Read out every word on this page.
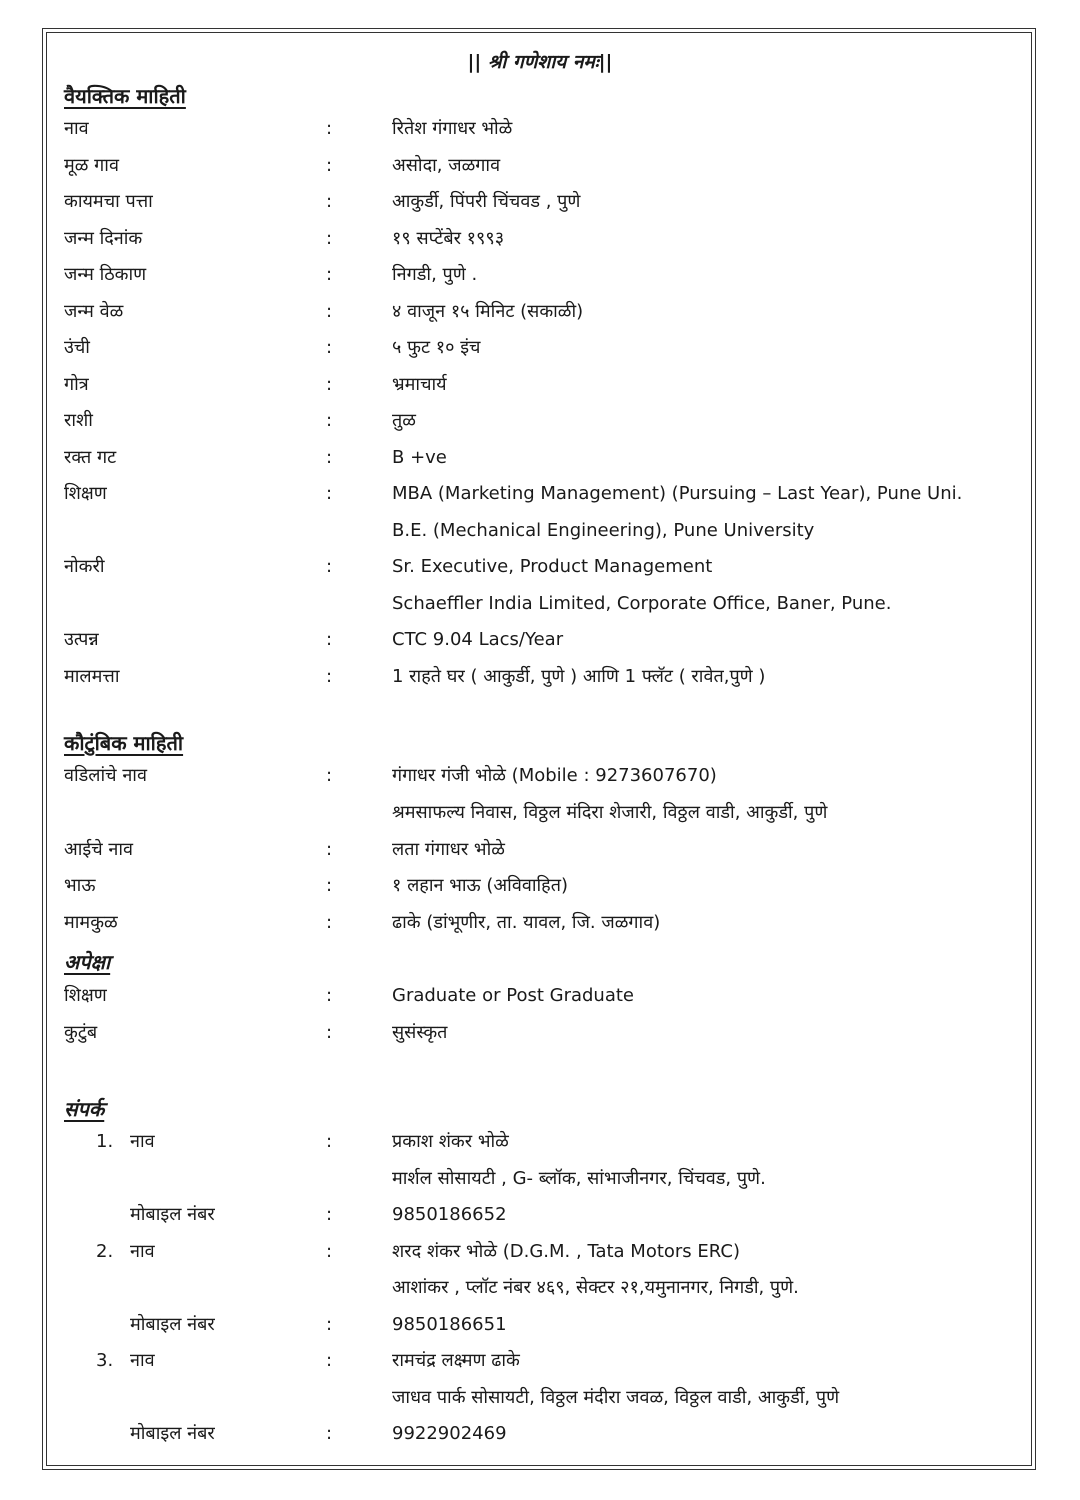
|| श्री गणेशाय नमः||
वैयक्तिक माहिती
नाव	:	रितेश गंगाधर भोळे
मूळ गाव	:	असोदा, जळगाव
कायमचा पत्ता	:	आकुर्डी, पिंपरी चिंचवड , पुणे
जन्म दिनांक	:	१९ सप्टेंबेर १९९३
जन्म ठिकाण	:	निगडी, पुणे .
जन्म वेळ	:	४ वाजून १५ मिनिट (सकाळी)
उंची	:	५ फुट १० इंच
गोत्र	:	भ्रमाचार्य
राशी	:	तुळ
रक्त गट	:	B +ve
शिक्षण	:	MBA (Marketing Management) (Pursuing – Last Year), Pune Uni.
B.E. (Mechanical Engineering), Pune University
नोकरी	:	Sr. Executive, Product Management
Schaeffler India Limited, Corporate Office, Baner, Pune.
उत्पन्न	:	CTC 9.04 Lacs/Year
मालमत्ता	:	1 राहते घर ( आकुर्डी, पुणे ) आणि 1 फ्लॅट ( रावेत,पुणे )
कौटुंबिक माहिती
वडिलांचे नाव	:	गंगाधर गंजी भोळे (Mobile : 9273607670)
श्रमसाफल्य निवास, विठ्ठल मंदिरा शेजारी, विठ्ठल वाडी, आकुर्डी, पुणे
आईचे नाव	:	लता गंगाधर भोळे
भाऊ	:	१ लहान भाऊ (अविवाहित)
मामकुळ	:	ढाके (डांभूणीर, ता. यावल, जि. जळगाव)
अपेक्षा
शिक्षण	:	Graduate or Post Graduate
कुटुंब	:	सुसंस्कृत
संपर्क
1. नाव	:	प्रकाश शंकर भोळे
मार्शल सोसायटी , G- ब्लॉक, सांभाजीनगर, चिंचवड, पुणे.
मोबाइल नंबर	:	9850186652
2. नाव	:	शरद शंकर भोळे (D.G.M. , Tata Motors ERC)
आशांकर , प्लॉट नंबर ४६९, सेक्टर २१,यमुनानगर, निगडी, पुणे.
मोबाइल नंबर	:	9850186651
3. नाव	:	रामचंद्र लक्ष्मण ढाके
जाधव पार्क सोसायटी, विठ्ठल मंदीरा जवळ, विठ्ठल वाडी, आकुर्डी, पुणे
मोबाइल नंबर	:	9922902469
